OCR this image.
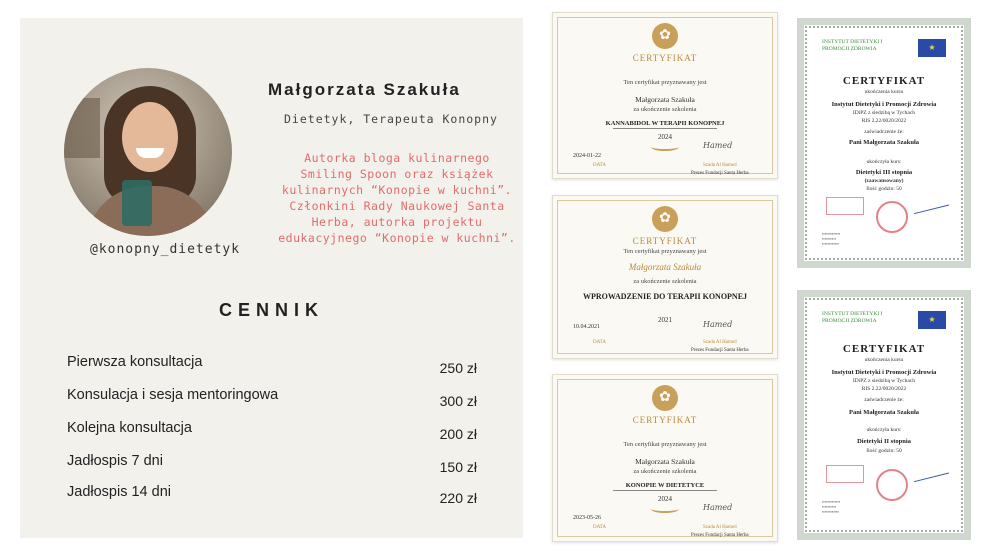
@konopny_dietetyk
Małgorzata Szakuła
Dietetyk, Terapeuta Konopny
Autorka bloga kulinarnego Smiling Spoon oraz książek kulinarnych “Konopie w kuchni”. Członkini Rady Naukowej Santa Herba, autorka projektu edukacyjnego “Konopie w kuchni”.
CENNIK
Pierwsza konsultacja	250 zł
Konsulacja i sesja mentoringowa	300 zł
Kolejna konsultacja	200 zł
Jadłospis 7 dni	150 zł
Jadłospis 14 dni	220 zł
✿
CERTYFIKAT
Ten certyfikat przyznawany jest
Małgorzata Szakuła
za ukończenie szkolenia
KANNABIDOL W TERAPII KONOPNEJ
2024
2024-01-22
Hamed
DATA	Szada Al Hamed
Prezes Fundacji Santa Herba
✿
CERTYFIKAT
Ten certyfikat przyznawany jest
Małgorzata Szakuła
za ukończenie szkolenia
WPROWADZENIE DO TERAPII KONOPNEJ
2021
10.04.2021	Hamed
DATA	Szada Al Hamed
Prezes Fundacji Santa Herba
✿
CERTYFIKAT
Ten certyfikat przyznawany jest
Małgorzata Szakuła
za ukończenie szkolenia
KONOPIE W DIETETYCE
2024
2023-05-26
Hamed
DATA	Szada Al Hamed
Prezes Fundacji Santa Herba
INSTYTUT DIETETYKI I PROMOCJI ZDROWIA	★
CERTYFIKAT
ukończenia kursu
Instytut Dietetyki i Promocji Zdrowia
IDiPZ z siedzibą w Tychach
RIS 2.22/0020/2022
zaświadczenie że:
Pani Małgorzata Szakuła
ukończyła kurs:
Dietetyki III stopnia
(zaawansowany)
Ilość godzin: 50
▪▪▪▪▪▪▪▪▪▪▪▪▪
▪▪▪▪▪▪▪▪▪▪
▪▪▪▪▪▪▪▪▪▪▪▪
INSTYTUT DIETETYKI I PROMOCJI ZDROWIA	★
CERTYFIKAT
ukończenia kursu
Instytut Dietetyki i Promocji Zdrowia
IDiPZ z siedzibą w Tychach
RIS 2.22/0020/2022
zaświadczenie że:
Pani Małgorzata Szakuła
ukończyła kurs:
Dietetyki II stopnia
Ilość godzin: 50
▪▪▪▪▪▪▪▪▪▪▪▪▪
▪▪▪▪▪▪▪▪▪▪
▪▪▪▪▪▪▪▪▪▪▪▪
